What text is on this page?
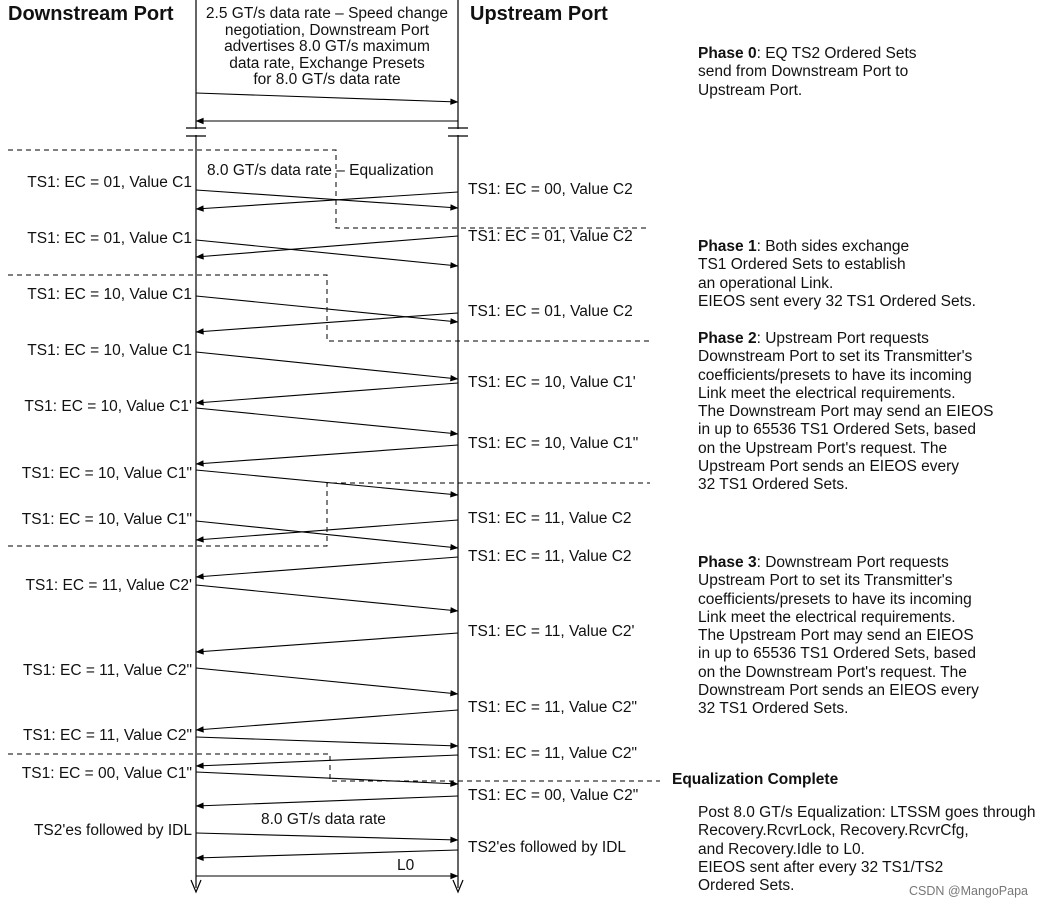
Downstream Port	Upstream Port
2.5 GT/s data rate – Speed change
negotiation, Downstream Port
advertises 8.0 GT/s maximum
data rate, Exchange Presets
for 8.0 GT/s data rate
8.0 GT/s data rate – Equalization
TS1: EC = 01, Value C1
TS1: EC = 01, Value C1
TS1: EC = 10, Value C1
TS1: EC = 10, Value C1
TS1: EC = 10, Value C1'
TS1: EC = 10, Value C1"
TS1: EC = 10, Value C1"
TS1: EC = 11, Value C2'
TS1: EC = 11, Value C2"
TS1: EC = 11, Value C2"
TS1: EC = 00, Value C1"
TS2'es followed by IDL
TS1: EC = 00, Value C2
TS1: EC = 01, Value C2
TS1: EC = 01, Value C2
TS1: EC = 10, Value C1'
TS1: EC = 10, Value C1"
TS1: EC = 11, Value C2
TS1: EC = 11, Value C2
TS1: EC = 11, Value C2'
TS1: EC = 11, Value C2"
TS1: EC = 11, Value C2"
TS1: EC = 00, Value C2"
TS2'es followed by IDL
8.0 GT/s data rate
L0
Phase 0: EQ TS2 Ordered Sets
send from Downstream Port to
Upstream Port.
Phase 1: Both sides exchange
TS1 Ordered Sets to establish
an operational Link.
EIEOS sent every 32 TS1 Ordered Sets.
Phase 2: Upstream Port requests
Downstream Port to set its Transmitter's
coefficients/presets to have its incoming
Link meet the electrical requirements.
The Downstream Port may send an EIEOS
in up to 65536 TS1 Ordered Sets, based
on the Upstream Port's request. The
Upstream Port sends an EIEOS every
32 TS1 Ordered Sets.
Phase 3: Downstream Port requests
Upstream Port to set its Transmitter's
coefficients/presets to have its incoming
Link meet the electrical requirements.
The Upstream Port may send an EIEOS
in up to 65536 TS1 Ordered Sets, based
on the Downstream Port's request. The
Downstream Port sends an EIEOS every
32 TS1 Ordered Sets.
Equalization Complete
Post 8.0 GT/s Equalization: LTSSM goes through
Recovery.RcvrLock, Recovery.RcvrCfg,
and Recovery.Idle to L0.
EIEOS sent after every 32 TS1/TS2
Ordered Sets.	CSDN @MangoPapa
